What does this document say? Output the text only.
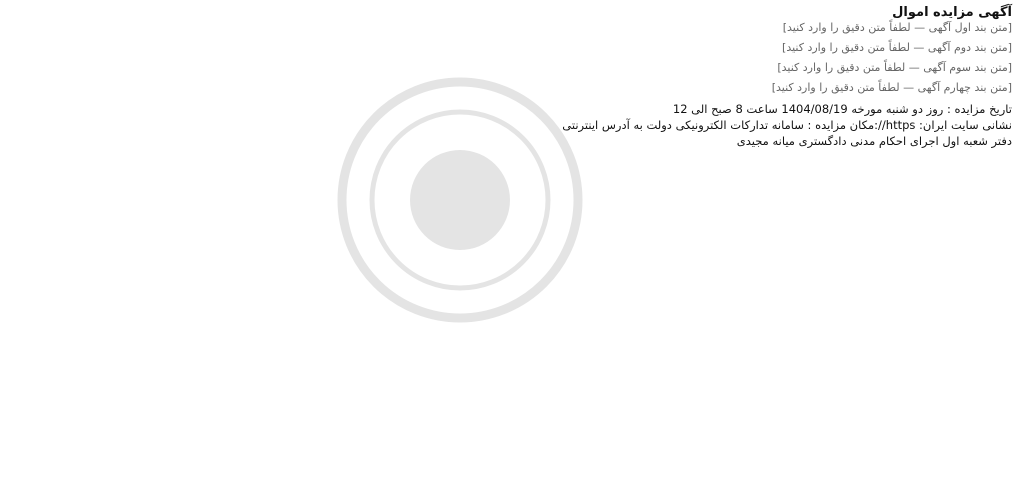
آگهی مزایده اموال

[متن بند اول آگهی — لطفاً متن دقیق را وارد کنید]

[متن بند دوم آگهی — لطفاً متن دقیق را وارد کنید]

[متن بند سوم آگهی — لطفاً متن دقیق را وارد کنید]

[متن بند چهارم آگهی — لطفاً متن دقیق را وارد کنید]

تاریخ مزایده : روز دو شنبه مورخه 1404/08/19 ساعت 8 صبح الی 12
نشانی سایت ایران: https//:مکان مزایده : سامانه تدارکات الکترونیکی دولت به آدرس اینترنتی
دفتر شعبه اول اجرای احکام مدنی دادگستری میانه مجیدی
